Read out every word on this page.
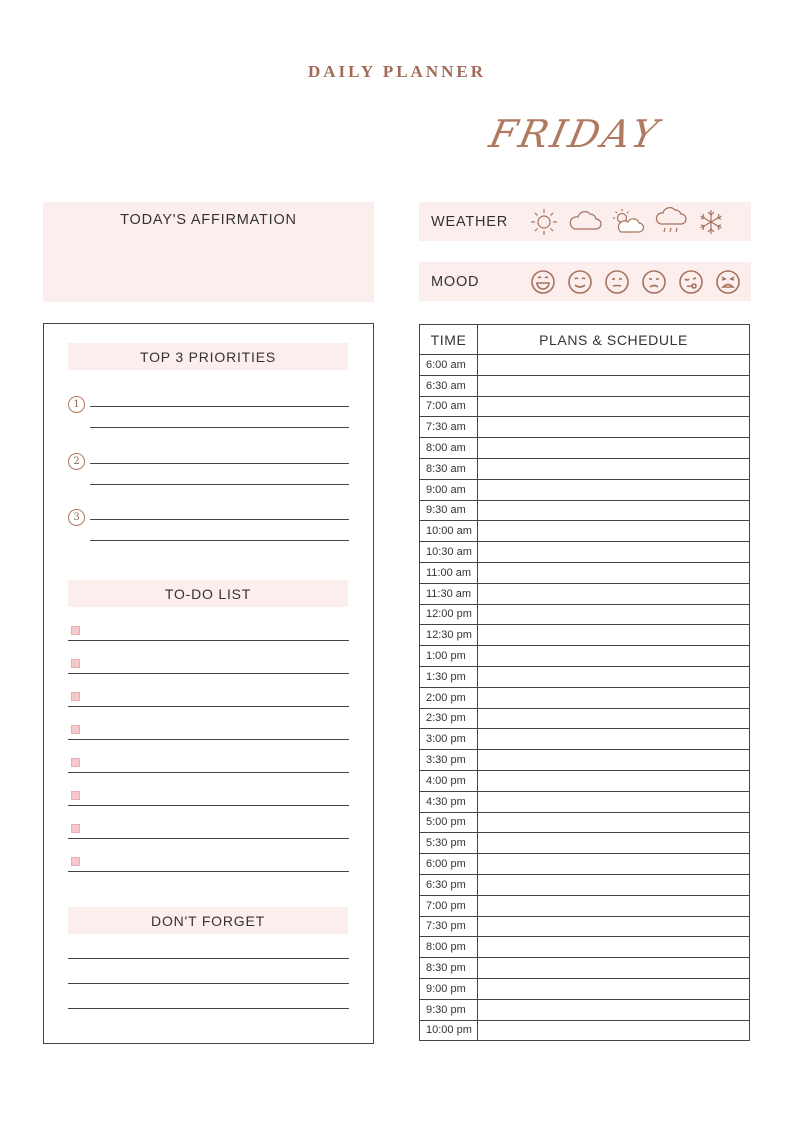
DAILY PLANNER
FRIDAY
TODAY'S AFFIRMATION	WEATHER
MOOD
TOP 3 PRIORITIES
1
2
3
TO-DO LIST
DON'T FORGET
TIME	PLANS & SCHEDULE
6:00 am	
6:30 am	
7:00 am	
7:30 am	
8:00 am	
8:30 am	
9:00 am	
9:30 am	
10:00 am	
10:30 am	
11:00 am	
11:30 am	
12:00 pm	
12:30 pm	
1:00 pm	
1:30 pm	
2:00 pm	
2:30 pm	
3:00 pm	
3:30 pm	
4:00 pm	
4:30 pm	
5:00 pm	
5:30 pm	
6:00 pm	
6:30 pm	
7:00 pm	
7:30 pm	
8:00 pm	
8:30 pm	
9:00 pm	
9:30 pm	
10:00 pm	
